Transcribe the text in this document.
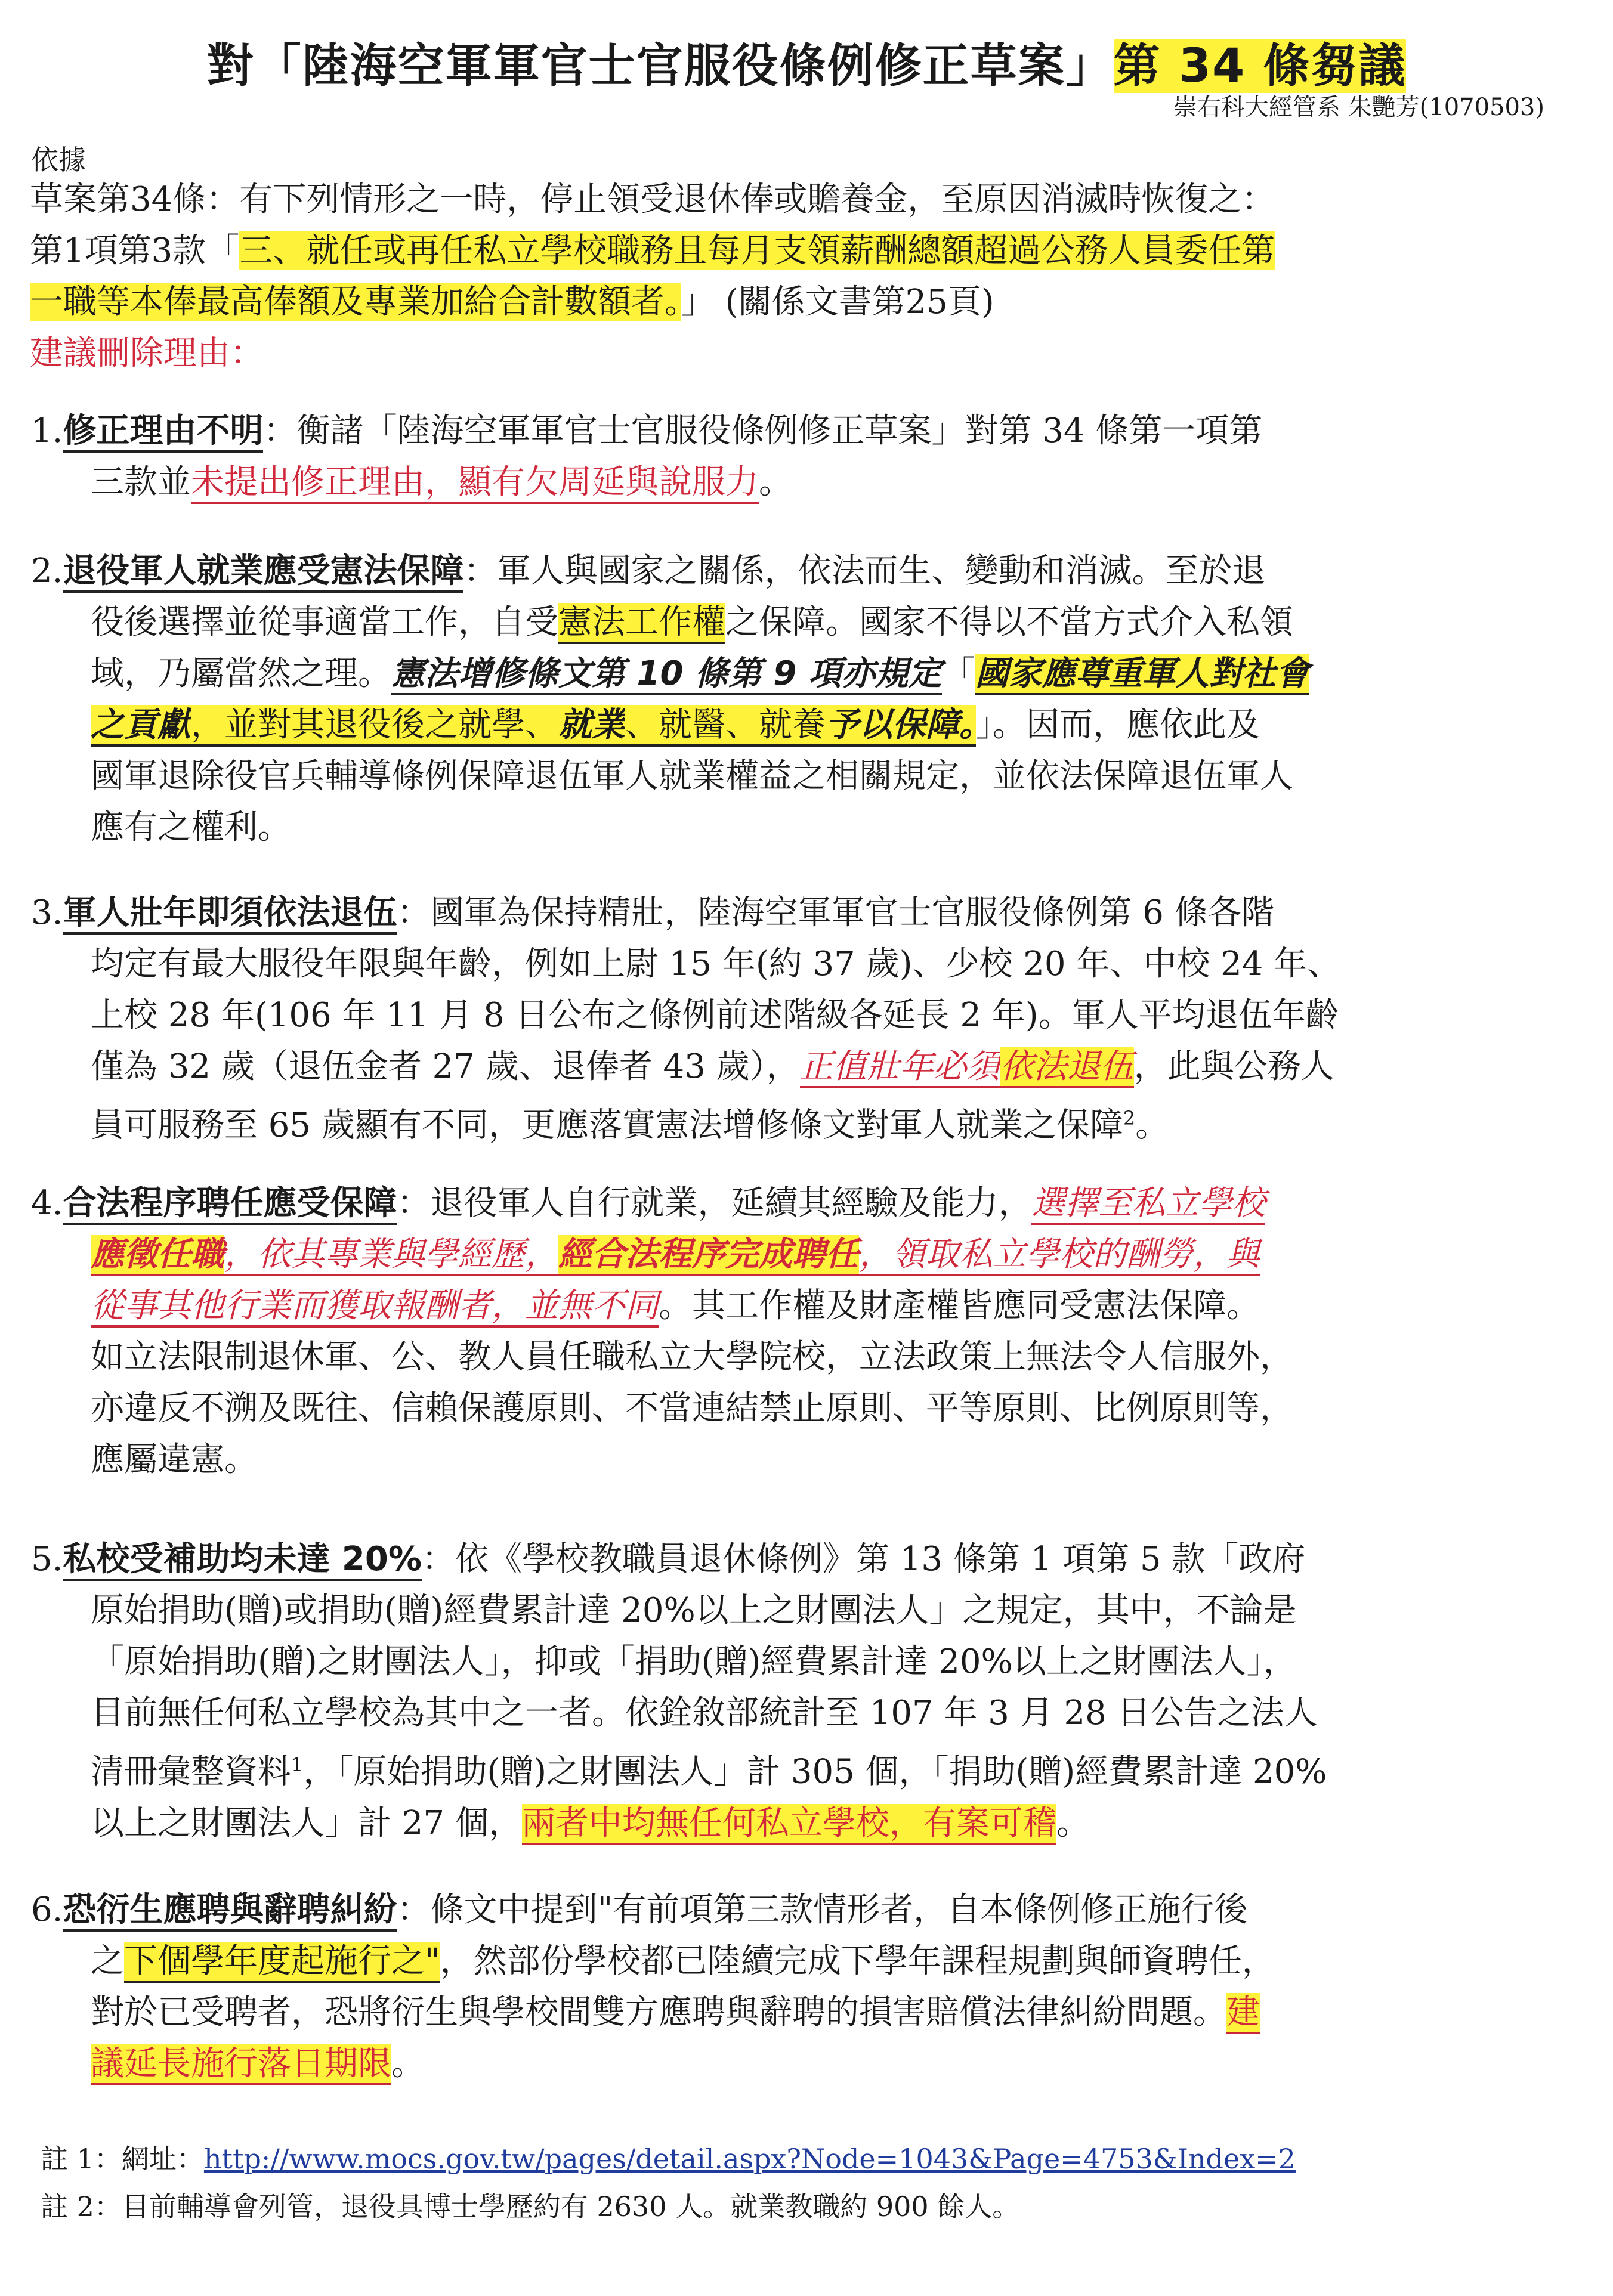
對「陸海空軍軍官士官服役條例修正草案」第 34 條芻議
崇右科大經管系 朱艷芳(1070503)
依據
草案第34條：有下列情形之一時，停止領受退休俸或贍養金，至原因消滅時恢復之：
第1項第3款「三、就任或再任私立學校職務且每月支領薪酬總額超過公務人員委任第
一職等本俸最高俸額及專業加給合計數額者。」 (關係文書第25頁)
建議刪除理由：
1.修正理由不明：衡諸「陸海空軍軍官士官服役條例修正草案」對第 34 條第一項第
三款並未提出修正理由，顯有欠周延與說服力。
2.退役軍人就業應受憲法保障：軍人與國家之關係，依法而生、變動和消滅。至於退
役後選擇並從事適當工作，自受憲法工作權之保障。國家不得以不當方式介入私領
域，乃屬當然之理。憲法增修條文第 10 條第 9 項亦規定「國家應尊重軍人對社會
之貢獻，並對其退役後之就學、就業、就醫、就養予以保障。」。因而，應依此及
國軍退除役官兵輔導條例保障退伍軍人就業權益之相關規定，並依法保障退伍軍人
應有之權利。
3.軍人壯年即須依法退伍：國軍為保持精壯，陸海空軍軍官士官服役條例第 6 條各階
均定有最大服役年限與年齡，例如上尉 15 年(約 37 歲)、少校 20 年、中校 24 年、
上校 28 年(106 年 11 月 8 日公布之條例前述階級各延長 2 年)。軍人平均退伍年齡
僅為 32 歲（退伍金者 27 歲、退俸者 43 歲），正值壯年必須依法退伍，此與公務人
員可服務至 65 歲顯有不同，更應落實憲法增修條文對軍人就業之保障$^2$。
4.合法程序聘任應受保障：退役軍人自行就業，延續其經驗及能力，選擇至私立學校
應徵任職，依其專業與學經歷，經合法程序完成聘任，領取私立學校的酬勞，與
從事其他行業而獲取報酬者，並無不同。其工作權及財產權皆應同受憲法保障。
如立法限制退休軍、公、教人員任職私立大學院校，立法政策上無法令人信服外，
亦違反不溯及既往、信賴保護原則、不當連結禁止原則、平等原則、比例原則等，
應屬違憲。
5.私校受補助均未達 20%：依《學校教職員退休條例》第 13 條第 1 項第 5 款「政府
原始捐助(贈)或捐助(贈)經費累計達 20%以上之財團法人」之規定，其中，不論是
「原始捐助(贈)之財團法人」，抑或「捐助(贈)經費累計達 20%以上之財團法人」，
目前無任何私立學校為其中之一者。依銓敘部統計至 107 年 3 月 28 日公告之法人
清冊彙整資料$^1$，「原始捐助(贈)之財團法人」計 305 個，「捐助(贈)經費累計達 20%
以上之財團法人」計 27 個，兩者中均無任何私立學校，有案可稽。
6.恐衍生應聘與辭聘糾紛：條文中提到"有前項第三款情形者，自本條例修正施行後
之下個學年度起施行之"，然部份學校都已陸續完成下學年課程規劃與師資聘任，
對於已受聘者，恐將衍生與學校間雙方應聘與辭聘的損害賠償法律糾紛問題。建
議延長施行落日期限。
註 1：網址：http://www.mocs.gov.tw/pages/detail.aspx?Node=1043&Page=4753&Index=2
註 2：目前輔導會列管，退役具博士學歷約有 2630 人。就業教職約 900 餘人。
